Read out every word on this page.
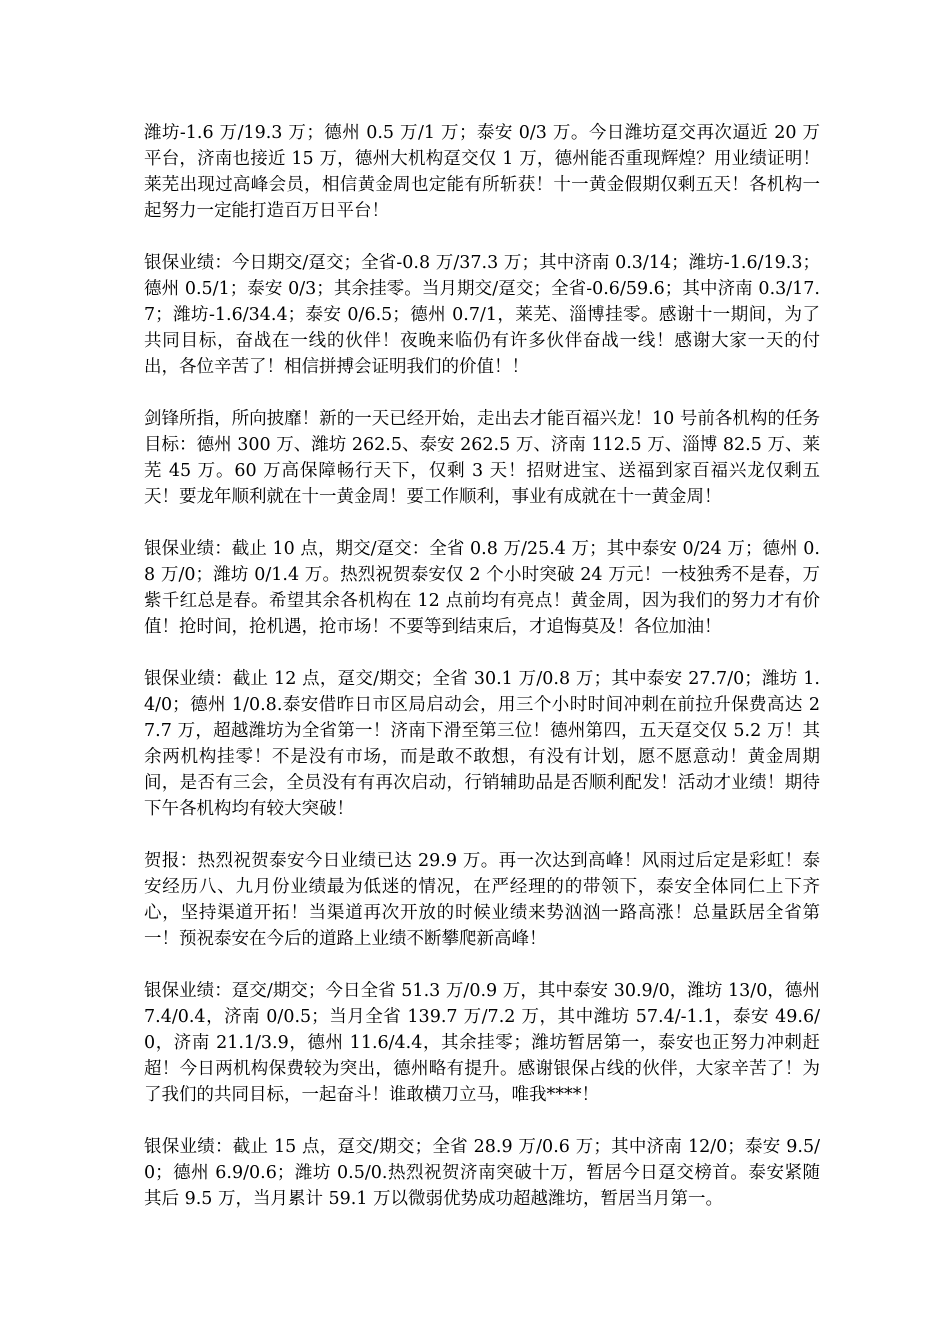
潍坊-1.6 万/19.3 万；德州 0.5 万/1 万；泰安 0/3 万。今日潍坊趸交再次逼近 20 万平台，济南也接近 15 万，德州大机构趸交仅 1 万，德州能否重现辉煌？用业绩证明！莱芜出现过高峰会员，相信黄金周也定能有所斩获！十一黄金假期仅剩五天！各机构一起努力一定能打造百万日平台！

银保业绩：今日期交/趸交；全省-0.8 万/37.3 万；其中济南 0.3/14；潍坊-1.6/19.3；德州 0.5/1；泰安 0/3；其余挂零。当月期交/趸交；全省-0.6/59.6；其中济南 0.3/17.7；潍坊-1.6/34.4；泰安 0/6.5；德州 0.7/1，莱芜、淄博挂零。感谢十一期间，为了共同目标，奋战在一线的伙伴！夜晚来临仍有许多伙伴奋战一线！感谢大家一天的付出，各位辛苦了！相信拼搏会证明我们的价值！！

剑锋所指，所向披靡！新的一天已经开始，走出去才能百福兴龙！10 号前各机构的任务目标：德州 300 万、潍坊 262.5、泰安 262.5 万、济南 112.5 万、淄博 82.5 万、莱芜 45 万。60 万高保障畅行天下，仅剩 3 天！招财进宝、送福到家百福兴龙仅剩五天！要龙年顺利就在十一黄金周！要工作顺利，事业有成就在十一黄金周！

银保业绩：截止 10 点，期交/趸交：全省 0.8 万/25.4 万；其中泰安 0/24 万；德州 0.8 万/0；潍坊 0/1.4 万。热烈祝贺泰安仅 2 个小时突破 24 万元！一枝独秀不是春，万紫千红总是春。希望其余各机构在 12 点前均有亮点！黄金周，因为我们的努力才有价值！抢时间，抢机遇，抢市场！不要等到结束后，才追悔莫及！各位加油！

银保业绩：截止 12 点，趸交/期交；全省 30.1 万/0.8 万；其中泰安 27.7/0；潍坊 1.4/0；德州 1/0.8.泰安借昨日市区局启动会，用三个小时时间冲刺在前拉升保费高达 27.7 万，超越潍坊为全省第一！济南下滑至第三位！德州第四，五天趸交仅 5.2 万！其余两机构挂零！不是没有市场，而是敢不敢想，有没有计划，愿不愿意动！黄金周期间，是否有三会，全员没有有再次启动，行销辅助品是否顺利配发！活动才业绩！期待下午各机构均有较大突破！

贺报：热烈祝贺泰安今日业绩已达 29.9 万。再一次达到高峰！风雨过后定是彩虹！泰安经历八、九月份业绩最为低迷的情况，在严经理的的带领下，泰安全体同仁上下齐心，坚持渠道开拓！当渠道再次开放的时候业绩来势汹汹一路高涨！总量跃居全省第一！预祝泰安在今后的道路上业绩不断攀爬新高峰！

银保业绩：趸交/期交；今日全省 51.3 万/0.9 万，其中泰安 30.9/0，潍坊 13/0，德州 7.4/0.4，济南 0/0.5；当月全省 139.7 万/7.2 万，其中潍坊 57.4/-1.1，泰安 49.6/0，济南 21.1/3.9，德州 11.6/4.4，其余挂零；潍坊暂居第一，泰安也正努力冲刺赶超！今日两机构保费较为突出，德州略有提升。感谢银保占线的伙伴，大家辛苦了！为了我们的共同目标，一起奋斗！谁敢横刀立马，唯我****！

银保业绩：截止 15 点，趸交/期交；全省 28.9 万/0.6 万；其中济南 12/0；泰安 9.5/0；德州 6.9/0.6；潍坊 0.5/0.热烈祝贺济南突破十万，暂居今日趸交榜首。泰安紧随其后 9.5 万，当月累计 59.1 万以微弱优势成功超越潍坊，暂居当月第一。
